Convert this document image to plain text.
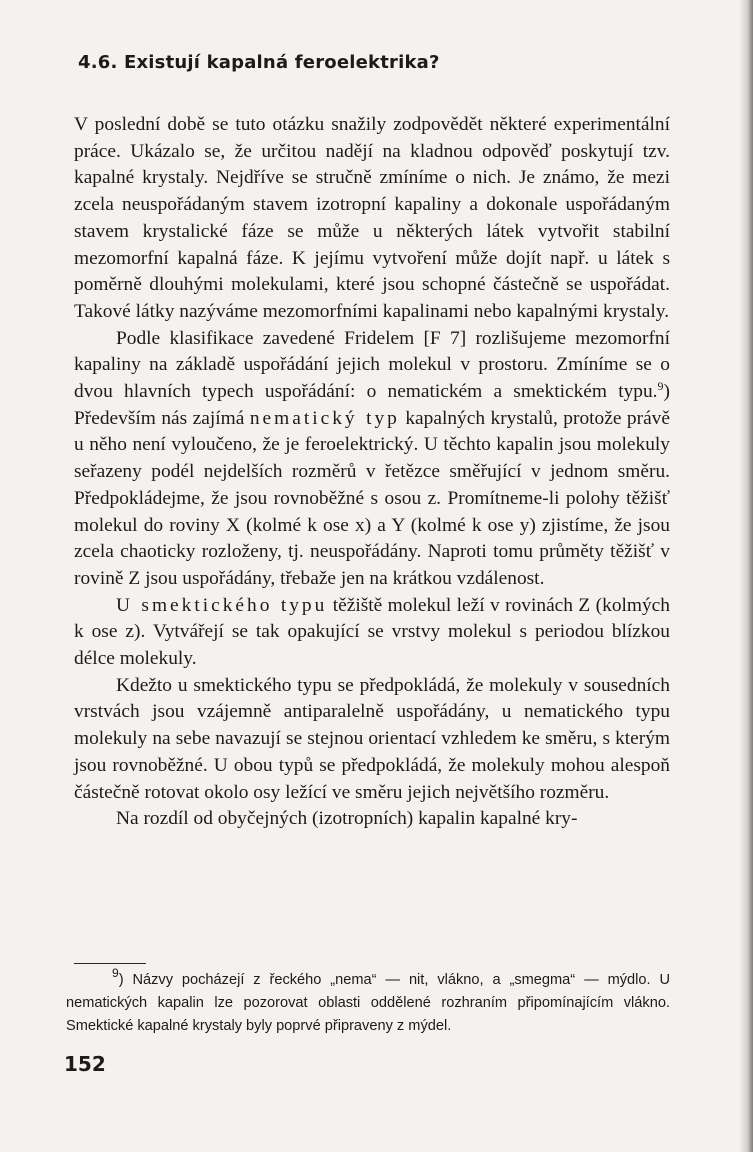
4.6. Existují kapalná feroelektrika?

V poslední době se tuto otázku snažily zodpovědět některé experimentální práce. Ukázalo se, že určitou nadějí na kladnou odpověď poskytují tzv. kapalné krystaly. Nejdříve se stručně zmíníme o nich. Je známo, že mezi zcela neuspořádaným stavem izotropní kapaliny a dokonale uspořádaným stavem krystalické fáze se může u některých látek vytvořit stabilní mezomorfní kapalná fáze. K jejímu vytvoření může dojít např. u látek s poměrně dlouhými molekulami, které jsou schopné částečně se uspořádat. Takové látky nazýváme mezomorfními kapalinami nebo kapalnými krystaly.

Podle klasifikace zavedené Fridelem [F 7] rozlišujeme mezomorfní kapaliny na základě uspořádání jejich molekul v prostoru. Zmíníme se o dvou hlavních typech uspořádání: o nematickém a smektickém typu.$^9$) Především nás zajímá nematický typ kapalných krystalů, protože právě u něho není vyloučeno, že je feroelektrický. U těchto kapalin jsou molekuly seřazeny podél nejdelších rozměrů v řetězce směřující v jednom směru. Předpokládejme, že jsou rovnoběžné s osou z. Promítneme-li polohy těžišť molekul do roviny X (kolmé k ose x) a Y (kolmé k ose y) zjistíme, že jsou zcela chaoticky rozloženy, tj. neuspořádány. Naproti tomu průměty těžišť v rovině Z jsou uspořádány, třebaže jen na krátkou vzdálenost.

U smektického typu těžiště molekul leží v rovinách Z (kolmých k ose z). Vytvářejí se tak opakující se vrstvy molekul s periodou blízkou délce molekuly.

Kdežto u smektického typu se předpokládá, že molekuly v sousedních vrstvách jsou vzájemně antiparalelně uspořádány, u nematického typu molekuly na sebe navazují se stejnou orientací vzhledem ke směru, s kterým jsou rovnoběžné. U obou typů se předpokládá, že molekuly mohou alespoň částečně rotovat okolo osy ležící ve směru jejich největšího rozměru.

Na rozdíl od obyčejných (izotropních) kapalin kapalné kry-

$^9$) Názvy pocházejí z řeckého „nema“ — nit, vlákno, a „smegma“ — mýdlo. U nematických kapalin lze pozorovat oblasti oddělené rozhraním připomínajícím vlákno. Smektické kapalné krystaly byly poprvé připraveny z mýdel.
152
